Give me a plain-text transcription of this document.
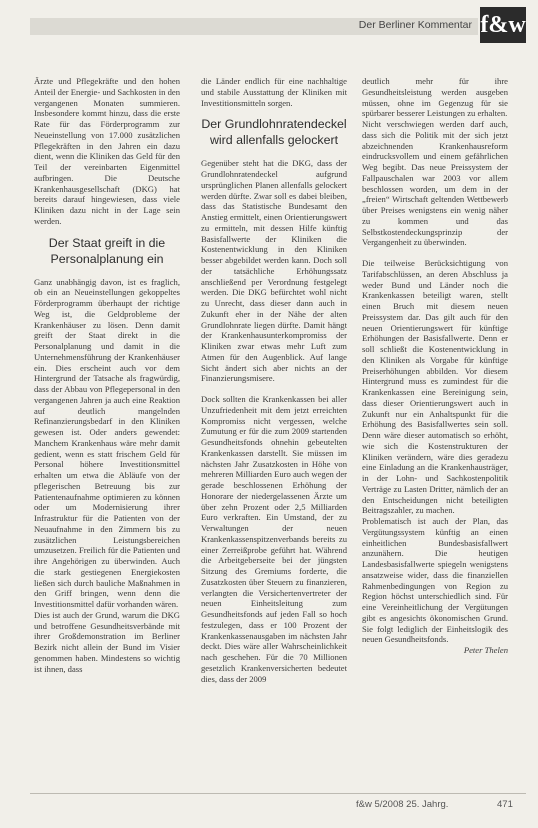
Der Berliner Kommentar f&w

Ärzte und Pflegekräfte und den hohen Anteil der Energie- und Sachkosten in den vergangenen Monaten summieren. Insbesondere kommt hinzu, dass die erste Rate für das Förderprogramm zur Neueinstellung von 17.000 zusätzlichen Pflegekräften in den Jahren ein dazu dient, wenn die Kliniken das Geld für den Teil der vereinbarten Eigenmittel aufbringen. Die Deutsche Krankenhausgesellschaft (DKG) hat bereits darauf hingewiesen, dass viele Kliniken dazu nicht in der Lage sein werden.

Der Staat greift in die Personalplanung ein

Ganz unabhängig davon, ist es fraglich, ob ein an Neueinstellungen gekoppeltes Förderprogramm überhaupt der richtige Weg ist, die Geldprobleme der Krankenhäuser zu lösen. Denn damit greift der Staat direkt in die Personalplanung und damit in die Unternehmensführung der Krankenhäuser ein. Dies erscheint auch vor dem Hintergrund der Tatsache als fragwürdig, dass der Abbau von Pflegepersonal in den vergangenen Jahren ja auch eine Reaktion auf deutlich mangelnden Refinanzierungsbedarf in den Kliniken gewesen ist. Oder anders gewendet: Manchem Krankenhaus wäre mehr damit gedient, wenn es statt frischem Geld für Personal höhere Investitionsmittel erhalten um etwa die Abläufe von der pflegerischen Betreuung bis zur Patientenaufnahme optimieren zu können oder um Modernisierung ihrer Infrastruktur für die Patienten von der Neuaufnahme in den Zimmern bis zu zusätzlichen Leistungsbereichen umzusetzen. Freilich für die Patienten und ihre Angehörigen zu überwinden. Auch die stark gestiegenen Energiekosten ließen sich durch bauliche Maßnahmen in den Griff bringen, wenn denn die Investitionsmittel dafür vorhanden wären.

Dies ist auch der Grund, warum die DKG und betroffene Gesundheitsverbände mit ihrer Großdemonstration im Berliner Bezirk nicht allein der Bund im Visier genommen haben. Mindestens so wichtig ist ihnen, dass

die Länder endlich für eine nachhaltige und stabile Ausstattung der Kliniken mit Investitionsmitteln sorgen.

Der Grundlohnratendeckel wird allenfalls gelockert

Gegenüber steht hat die DKG, dass der Grundlohnratendeckel aufgrund ursprünglichen Planen allenfalls gelockert werden dürfte. Zwar soll es dabei bleiben, dass das Statistische Bundesamt den Anstieg ermittelt, einen Orientierungswert zu ermitteln, mit dessen Hilfe künftig Basisfallwerte der Kliniken die Kostenentwicklung in den Kliniken besser abgebildet werden kann. Doch soll der tatsächliche Erhöhungssatz anschließend per Verordnung festgelegt werden. Die DKG befürchtet wohl nicht zu Unrecht, dass dieser dann auch in Zukunft eher in der Nähe der alten Grundlohnrate liegen dürfte. Damit hängt der Krankenhausunterkompromiss der Kliniken zwar etwas mehr Luft zum Atmen für den Augenblick. Auf lange Sicht ändert sich aber nichts an der Finanzierungsmisere.

Dock sollten die Krankenkassen bei aller Unzufriedenheit mit dem jetzt erreichten Kompromiss nicht vergessen, welche Zumutung er für die zum 2009 startenden Gesundheitsfonds ohnehin gebeutelten Krankenkassen darstellt. Sie müssen im nächsten Jahr Zusatzkosten in Höhe von mehreren Milliarden Euro auch wegen der gerade beschlossenen Erhöhung der Honorare der niedergelassenen Ärzte um über zehn Prozent oder 2,5 Milliarden Euro verkraften. Ein Umstand, der zu Verwaltungen der neuen Krankenkassenspitzenverbands bereits zu einer Zerreißprobe geführt hat. Während die Arbeitgeberseite bei der jüngsten Sitzung des Gremiums forderte, die Zusatzkosten über Steuern zu finanzieren, verlangten die Versichertenvertreter der neuen Einheitsleitung zum Gesundheitsfonds auf jeden Fall so hoch festzulegen, dass er 100 Prozent der Krankenkassenausgaben im nächsten Jahr deckt. Dies wäre aller Wahrscheinlichkeit nach geschehen. Für die 70 Millionen gesetzlich Krankenversicherten bedeutet dies, dass der 2009

deutlich mehr für ihre Gesundheitsleistung werden ausgeben müssen, ohne im Gegenzug für sie spürbarer besserer Leistungen zu erhalten.

Nicht verschwiegen werden darf auch, dass sich die Politik mit der sich jetzt abzeichnenden Krankenhausreform eindrucksvollem und einem gefährlichen Weg begibt. Das neue Preissystem der Fallpauschalen war 2003 vor allem beschlossen worden, um dem in der „freien“ Wirtschaft geltenden Wettbewerb über Preises wenigstens ein wenig näher zu kommen und das Selbstkostendeckungsprinzip der Vergangenheit zu überwinden.

Die teilweise Berücksichtigung von Tarifabschlüssen, an deren Abschluss ja weder Bund und Länder noch die Krankenkassen beteiligt waren, stellt einen Bruch mit diesem neuen Preissystem dar. Das gilt auch für den neuen Orientierungswert für künftige Erhöhungen der Basisfallwerte. Denn er soll schließt die Kostenentwicklung in den Kliniken als Vorgabe für künftige Preiserhöhungen abbilden. Vor diesem Hintergrund muss es zumindest für die Krankenkassen eine Bereinigung sein, dass dieser Orientierungswert auch in Zukunft nur ein Anhaltspunkt für die Erhöhung des Basisfallwertes sein soll. Denn wäre dieser automatisch so erhöht, wie sich die Kostenstrukturen der Kliniken verändern, wäre dies geradezu eine Einladung an die Krankenhausträger, in der Lohn- und Sachkostenpolitik Verträge zu Lasten Dritter, nämlich der an den Entscheidungen nicht beteiligten Beitragszahler, zu machen.

Problematisch ist auch der Plan, das Vergütungssystem künftig an einen einheitlichen Bundesbasisfallwert anzunähern. Die heutigen Landesbasisfallwerte spiegeln wenigstens ansatzweise wider, dass die finanziellen Rahmenbedingungen von Region zu Region höchst unterschiedlich sind. Für eine Vereinheitlichung der Vergütungen gibt es angesichts ökonomischen Grund. Sie folgt lediglich der Einheitslogik des neuen Gesundheitsfonds.

Peter Thelen

f&w 5/2008 25. Jahrg.	471
